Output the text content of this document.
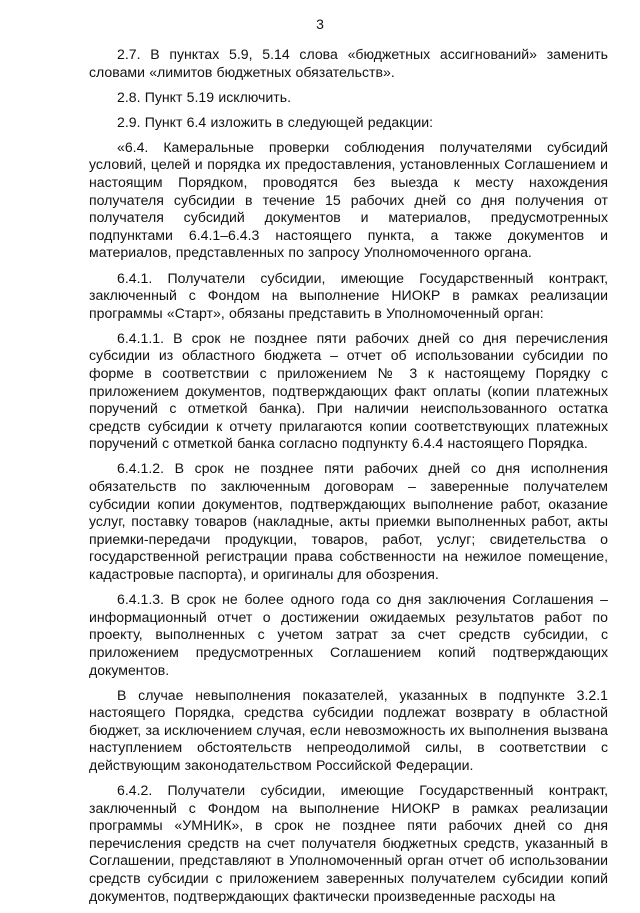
3

2.7. В пунктах 5.9, 5.14 слова «бюджетных ассигнований» заменить словами «лимитов бюджетных обязательств».

2.8. Пункт 5.19 исключить.

2.9. Пункт 6.4 изложить в следующей редакции:

«6.4. Камеральные проверки соблюдения получателями субсидий условий, целей и порядка их предоставления, установленных Соглашением и настоящим Порядком, проводятся без выезда к месту нахождения получателя субсидии в течение 15 рабочих дней со дня получения от получателя субсидий документов и материалов, предусмотренных подпунктами 6.4.1–6.4.3 настоящего пункта, а также документов и материалов, представленных по запросу Уполномоченного органа.

6.4.1. Получатели субсидии, имеющие Государственный контракт, заключенный с Фондом на выполнение НИОКР в рамках реализации программы «Старт», обязаны представить в Уполномоченный орган:

6.4.1.1. В срок не позднее пяти рабочих дней со дня перечисления субсидии из областного бюджета – отчет об использовании субсидии по форме в соответствии с приложением № 3 к настоящему Порядку с приложением документов, подтверждающих факт оплаты (копии платежных поручений с отметкой банка). При наличии неиспользованного остатка средств субсидии к отчету прилагаются копии соответствующих платежных поручений с отметкой банка согласно подпункту 6.4.4 настоящего Порядка.

6.4.1.2. В срок не позднее пяти рабочих дней со дня исполнения обязательств по заключенным договорам – заверенные получателем субсидии копии документов, подтверждающих выполнение работ, оказание услуг, поставку товаров (накладные, акты приемки выполненных работ, акты приемки-передачи продукции, товаров, работ, услуг; свидетельства о государственной регистрации права собственности на нежилое помещение, кадастровые паспорта), и оригиналы для обозрения.

6.4.1.3. В срок не более одного года со дня заключения Соглашения – информационный отчет о достижении ожидаемых результатов работ по проекту, выполненных с учетом затрат за счет средств субсидии, с приложением предусмотренных Соглашением копий подтверждающих документов.

В случае невыполнения показателей, указанных в подпункте 3.2.1 настоящего Порядка, средства субсидии подлежат возврату в областной бюджет, за исключением случая, если невозможность их выполнения вызвана наступлением обстоятельств непреодолимой силы, в соответствии с действующим законодательством Российской Федерации.

6.4.2. Получатели субсидии, имеющие Государственный контракт, заключенный с Фондом на выполнение НИОКР в рамках реализации программы «УМНИК», в срок не позднее пяти рабочих дней со дня перечисления средств на счет получателя бюджетных средств, указанный в Соглашении, представляют в Уполномоченный орган отчет об использовании средств субсидии с приложением заверенных получателем субсидии копий документов, подтверждающих фактически произведенные расходы на
